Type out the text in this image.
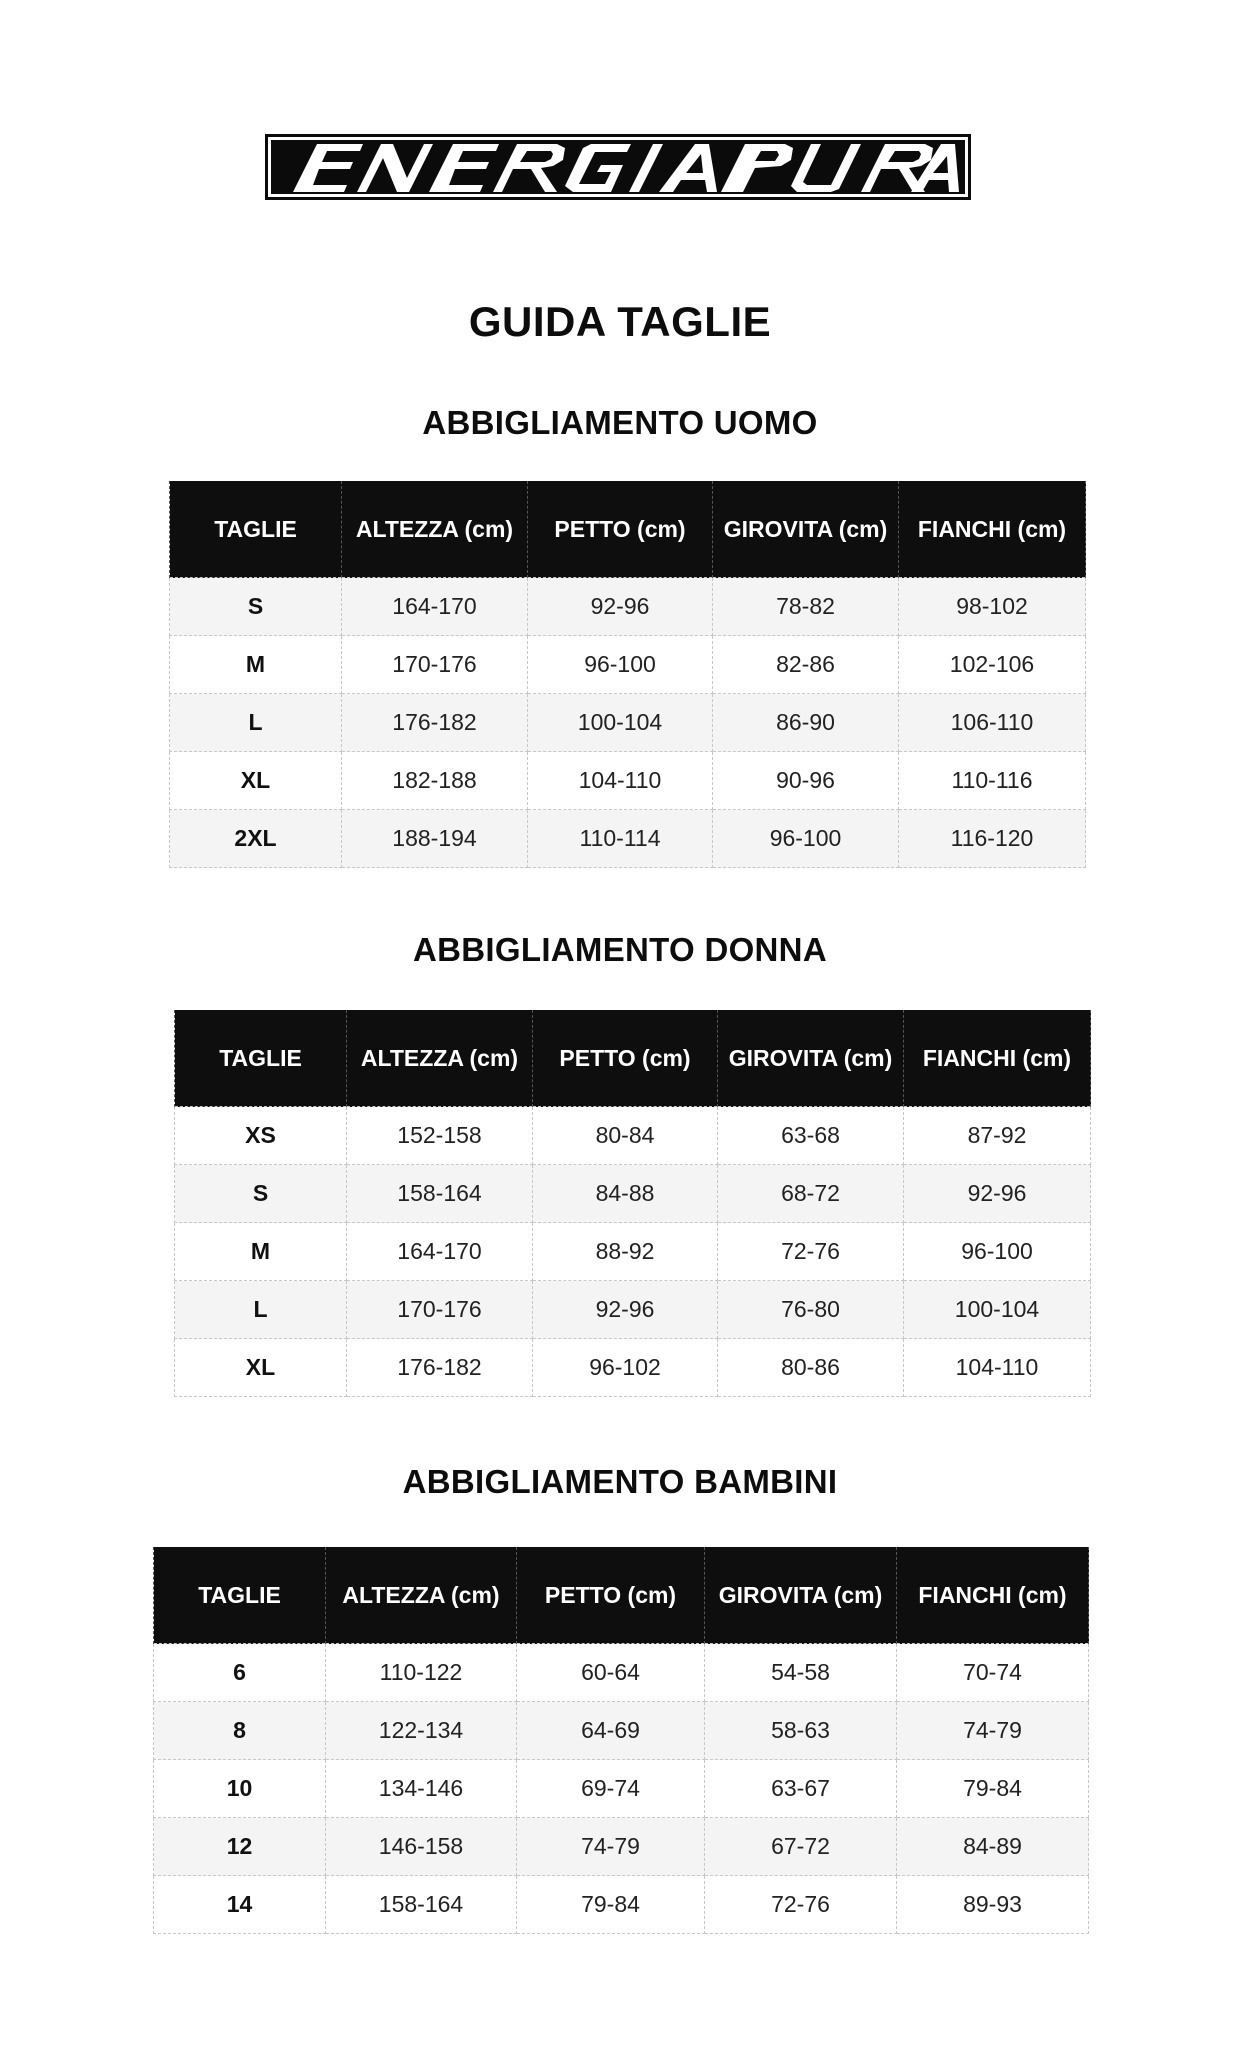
GUIDA TAGLIE
ABBIGLIAMENTO UOMO
TAGLIE	ALTEZZA (cm)	PETTO (cm)	GIROVITA (cm)	FIANCHI (cm)
S	164-170	92-96	78-82	98-102
M	170-176	96-100	82-86	102-106
L	176-182	100-104	86-90	106-110
XL	182-188	104-110	90-96	110-116
2XL	188-194	110-114	96-100	116-120
ABBIGLIAMENTO DONNA
TAGLIE	ALTEZZA (cm)	PETTO (cm)	GIROVITA (cm)	FIANCHI (cm)
XS	152-158	80-84	63-68	87-92
S	158-164	84-88	68-72	92-96
M	164-170	88-92	72-76	96-100
L	170-176	92-96	76-80	100-104
XL	176-182	96-102	80-86	104-110
ABBIGLIAMENTO BAMBINI
TAGLIE	ALTEZZA (cm)	PETTO (cm)	GIROVITA (cm)	FIANCHI (cm)
6	110-122	60-64	54-58	70-74
8	122-134	64-69	58-63	74-79
10	134-146	69-74	63-67	79-84
12	146-158	74-79	67-72	84-89
14	158-164	79-84	72-76	89-93
